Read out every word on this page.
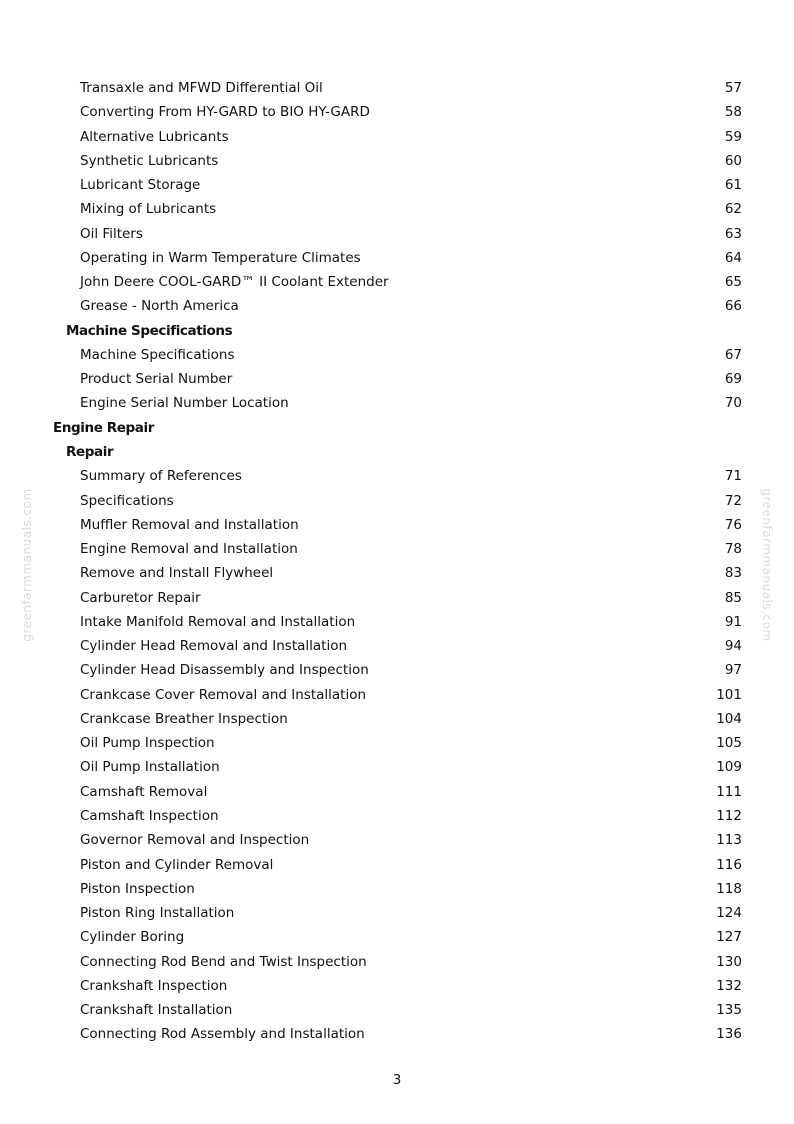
greenfarmmanuals.com	greenfarmmanuals.com
Transaxle and MFWD Differential Oil	57
Converting From HY-GARD to BIO HY-GARD	58
Alternative Lubricants	59
Synthetic Lubricants	60
Lubricant Storage	61
Mixing of Lubricants	62
Oil Filters	63
Operating in Warm Temperature Climates	64
John Deere COOL-GARD™ II Coolant Extender	65
Grease - North America	66
Machine Specifications
Machine Specifications	67
Product Serial Number	69
Engine Serial Number Location	70
Engine Repair
Repair
Summary of References	71
Specifications	72
Muffler Removal and Installation	76
Engine Removal and Installation	78
Remove and Install Flywheel	83
Carburetor Repair	85
Intake Manifold Removal and Installation	91
Cylinder Head Removal and Installation	94
Cylinder Head Disassembly and Inspection	97
Crankcase Cover Removal and Installation	101
Crankcase Breather Inspection	104
Oil Pump Inspection	105
Oil Pump Installation	109
Camshaft Removal	111
Camshaft Inspection	112
Governor Removal and Inspection	113
Piston and Cylinder Removal	116
Piston Inspection	118
Piston Ring Installation	124
Cylinder Boring	127
Connecting Rod Bend and Twist Inspection	130
Crankshaft Inspection	132
Crankshaft Installation	135
Connecting Rod Assembly and Installation	136
3
